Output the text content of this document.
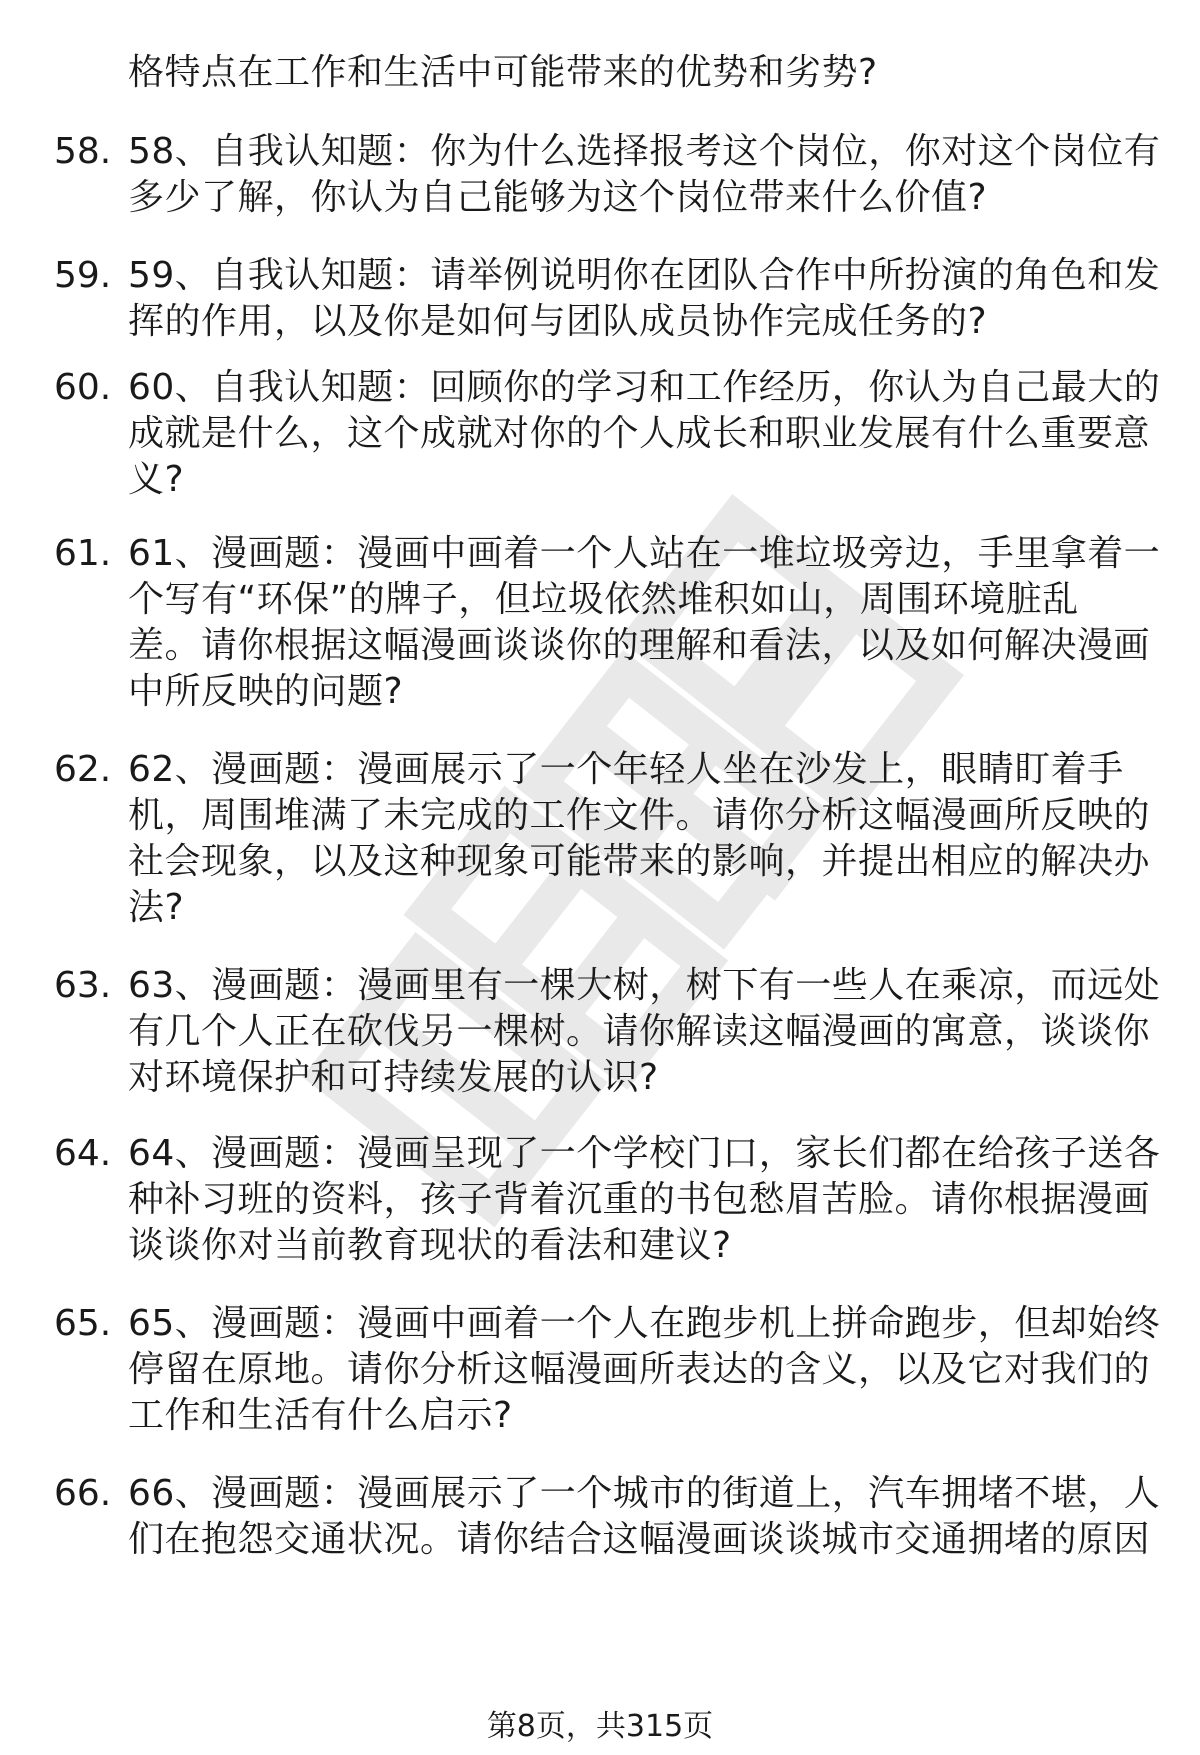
职场资料
格特点在工作和生活中可能带来的优势和劣势?
58. 58、自我认知题：你为什么选择报考这个岗位，你对这个岗位有
多少了解，你认为自己能够为这个岗位带来什么价值?
59. 59、自我认知题：请举例说明你在团队合作中所扮演的角色和发
挥的作用，以及你是如何与团队成员协作完成任务的?
60. 60、自我认知题：回顾你的学习和工作经历，你认为自己最大的
成就是什么，这个成就对你的个人成长和职业发展有什么重要意
义?
61. 61、漫画题：漫画中画着一个人站在一堆垃圾旁边，手里拿着一
个写有“环保”的牌子，但垃圾依然堆积如山，周围环境脏乱
差。请你根据这幅漫画谈谈你的理解和看法，以及如何解决漫画
中所反映的问题?
62. 62、漫画题：漫画展示了一个年轻人坐在沙发上，眼睛盯着手
机，周围堆满了未完成的工作文件。请你分析这幅漫画所反映的
社会现象，以及这种现象可能带来的影响，并提出相应的解决办
法?
63. 63、漫画题：漫画里有一棵大树，树下有一些人在乘凉，而远处
有几个人正在砍伐另一棵树。请你解读这幅漫画的寓意，谈谈你
对环境保护和可持续发展的认识?
64. 64、漫画题：漫画呈现了一个学校门口，家长们都在给孩子送各
种补习班的资料，孩子背着沉重的书包愁眉苦脸。请你根据漫画
谈谈你对当前教育现状的看法和建议?
65. 65、漫画题：漫画中画着一个人在跑步机上拼命跑步，但却始终
停留在原地。请你分析这幅漫画所表达的含义，以及它对我们的
工作和生活有什么启示?
66. 66、漫画题：漫画展示了一个城市的街道上，汽车拥堵不堪，人
们在抱怨交通状况。请你结合这幅漫画谈谈城市交通拥堵的原因
第8页，共315页
